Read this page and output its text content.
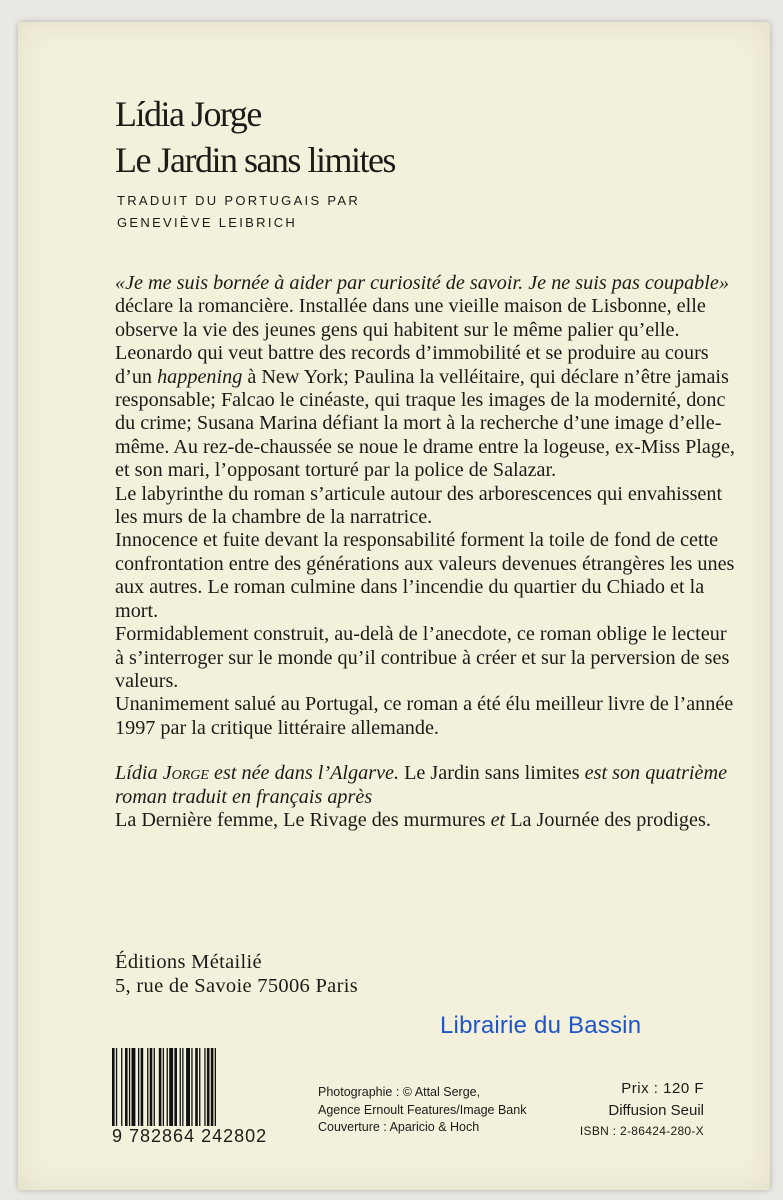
Lídia Jorge
Le Jardin sans limites
TRADUIT DU PORTUGAIS PAR
GENEVIÈVE LEIBRICH

«Je me suis bornée à aider par curiosité de savoir. Je ne suis pas coupable» déclare la romancière. Installée dans une vieille maison de Lisbonne, elle observe la vie des jeunes gens qui habitent sur le même palier qu’elle. Leonardo qui veut battre des records d’immobilité et se produire au cours d’un happening à New York; Paulina la velléitaire, qui déclare n’être jamais responsable; Falcao le cinéaste, qui traque les images de la modernité, donc du crime; Susana Marina défiant la mort à la recherche d’une image d’elle-même. Au rez-de-chaussée se noue le drame entre la logeuse, ex-Miss Plage, et son mari, l’opposant torturé par la police de Salazar.

Le labyrinthe du roman s’articule autour des arborescences qui envahissent les murs de la chambre de la narratrice.

Innocence et fuite devant la responsabilité forment la toile de fond de cette confrontation entre des générations aux valeurs devenues étrangères les unes aux autres. Le roman culmine dans l’incendie du quartier du Chiado et la mort.

Formidablement construit, au-delà de l’anecdote, ce roman oblige le lecteur à s’interroger sur le monde qu’il contribue à créer et sur la perversion de ses valeurs.

Unanimement salué au Portugal, ce roman a été élu meilleur livre de l’année 1997 par la critique littéraire allemande.

Lídia Jorge est née dans l’Algarve. Le Jardin sans limites est son quatrième roman traduit en français après
La Dernière femme, Le Rivage des murmures et La Journée des prodiges.

Éditions Métailié
5, rue de Savoie 75006 Paris
Librairie du Bassin
9 782864 242802
Photographie : © Attal Serge,
Agence Ernoult Features/Image Bank
Couverture : Aparicio & Hoch
Prix : 120 F
Diffusion Seuil
ISBN : 2-86424-280-X
